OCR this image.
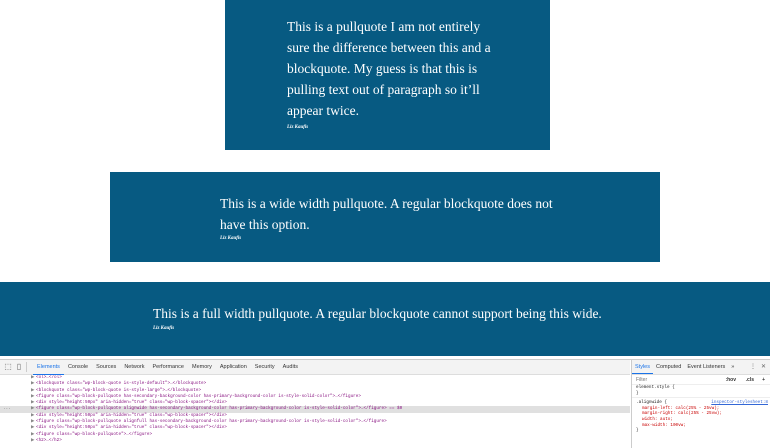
This is a pullquote I am not entirely sure the difference between this and a blockquote. My guess is that this is pulling text out of paragraph so it’ll appear twice.

Liz Kaufis

This is a wide width pullquote. A regular blockquote does not have this option.

Liz Kaufis

This is a full width pullquote. A regular blockquote cannot support being this wide.

Liz Kaufis
⬚ ▯	Elements	Console	Sources	Network	Performance	Memory	Application	Security	Audits
▶ <ol>…</ol>
▶ <blockquote class="wp-block-quote is-style-default">…</blockquote>
▶ <blockquote class="wp-block-quote is-style-large">…</blockquote>
▶ <figure class="wp-block-pullquote has-secondary-background-color has-primary-background-color is-style-solid-color">…</figure>
▶ <div style="height:50px" aria-hidden="true" class="wp-block-spacer"></div>
...	▶ <figure class="wp-block-pullquote alignwide has-secondary-background-color has-primary-background-color is-style-solid-color">…</figure> == $0
▶ <div style="height:50px" aria-hidden="true" class="wp-block-spacer"></div>
▶ <figure class="wp-block-pullquote alignfull has-secondary-background-color has-primary-background-color is-style-solid-color">…</figure>
▶ <div style="height:50px" aria-hidden="true" class="wp-block-spacer"></div>
▶ <figure class="wp-block-pullquote">…</figure>
▶ <h2>…</h2>
Styles	Computed	Event Listeners	»	⋮ ✕
Filter
:hov .cls +
element.style {
}
.alignwide {	inspector-stylesheet:8
margin-left: calc(25% - 25vw);
margin-right: calc(25% - 25vw);
width: auto;
max-width: 100vw;
}
